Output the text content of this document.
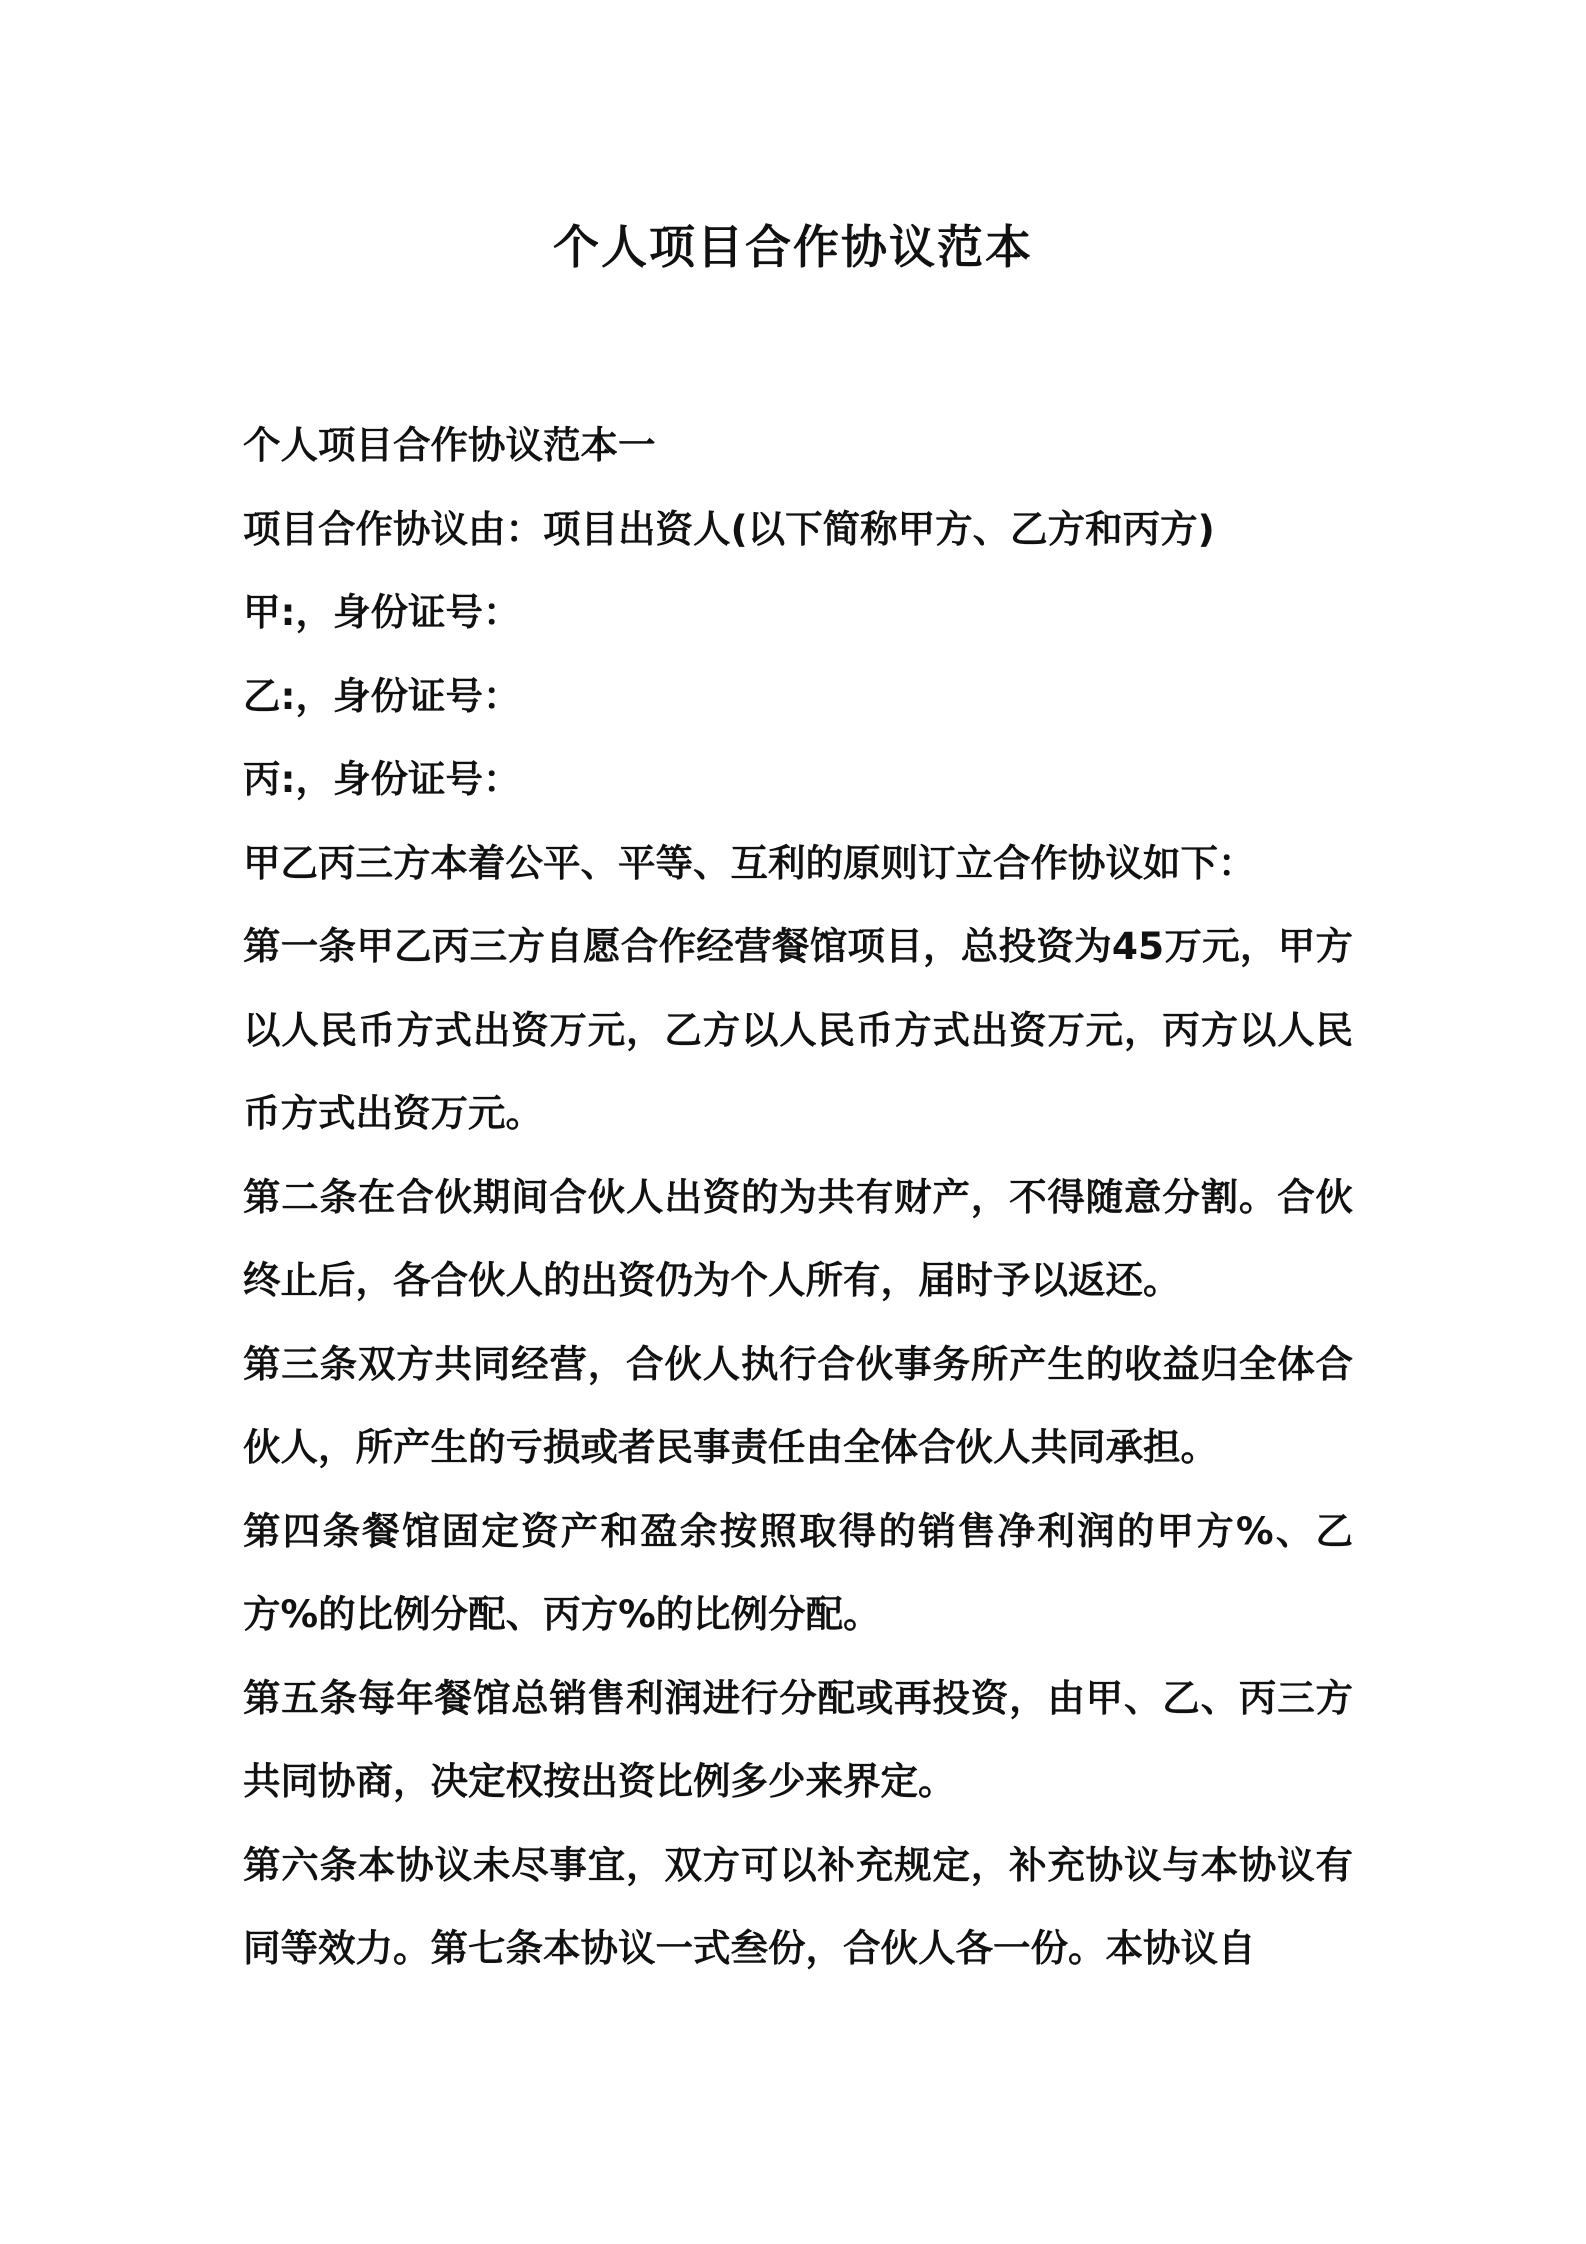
个人项目合作协议范本

个人项目合作协议范本一

项目合作协议由：项目出资人(以下简称甲方、乙方和丙方)

甲:，身份证号：

乙:，身份证号：

丙:，身份证号：

甲乙丙三方本着公平、平等、互利的原则订立合作协议如下：

第一条甲乙丙三方自愿合作经营餐馆项目，总投资为45万元，甲方以人民币方式出资万元，乙方以人民币方式出资万元，丙方以人民币方式出资万元。

第二条在合伙期间合伙人出资的为共有财产，不得随意分割。合伙终止后，各合伙人的出资仍为个人所有，届时予以返还。

第三条双方共同经营，合伙人执行合伙事务所产生的收益归全体合伙人，所产生的亏损或者民事责任由全体合伙人共同承担。

第四条餐馆固定资产和盈余按照取得的销售净利润的甲方%、乙方%的比例分配、丙方%的比例分配。

第五条每年餐馆总销售利润进行分配或再投资，由甲、乙、丙三方共同协商，决定权按出资比例多少来界定。

第六条本协议未尽事宜，双方可以补充规定，补充协议与本协议有同等效力。第七条本协议一式叁份，合伙人各一份。本协议自
